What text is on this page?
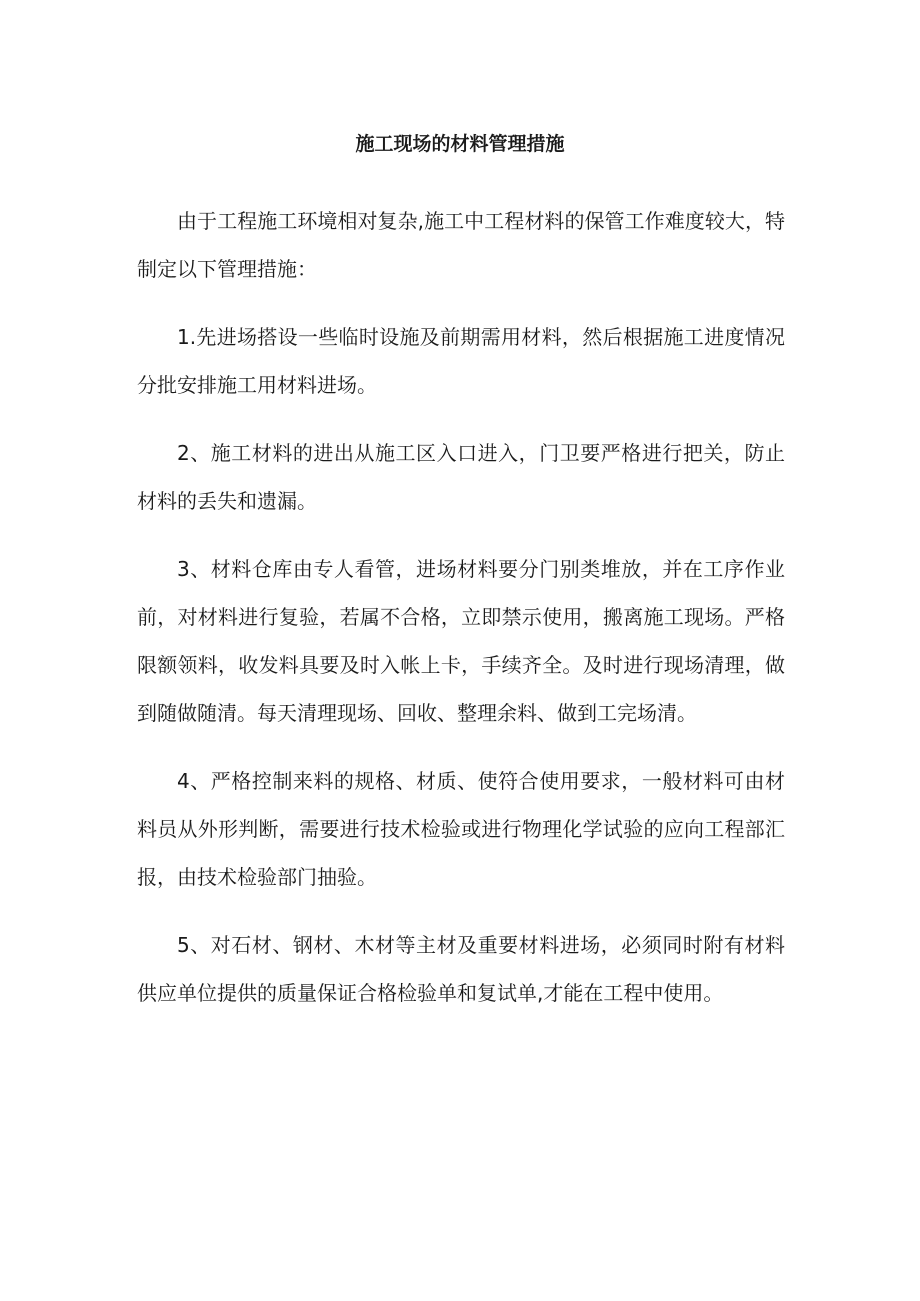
施工现场的材料管理措施

由于工程施工环境相对复杂,施工中工程材料的保管工作难度较大，特制定以下管理措施：

1.先进场搭设一些临时设施及前期需用材料，然后根据施工进度情况分批安排施工用材料进场。

2、施工材料的进出从施工区入口进入，门卫要严格进行把关，防止材料的丢失和遗漏。

3、材料仓库由专人看管，进场材料要分门别类堆放，并在工序作业前，对材料进行复验，若属不合格，立即禁示使用，搬离施工现场。严格限额领料，收发料具要及时入帐上卡，手续齐全。及时进行现场清理，做到随做随清。每天清理现场、回收、整理余料、做到工完场清。

4、严格控制来料的规格、材质、使符合使用要求，一般材料可由材料员从外形判断，需要进行技术检验或进行物理化学试验的应向工程部汇报，由技术检验部门抽验。

5、对石材、钢材、木材等主材及重要材料进场，必须同时附有材料供应单位提供的质量保证合格检验单和复试单,才能在工程中使用。
